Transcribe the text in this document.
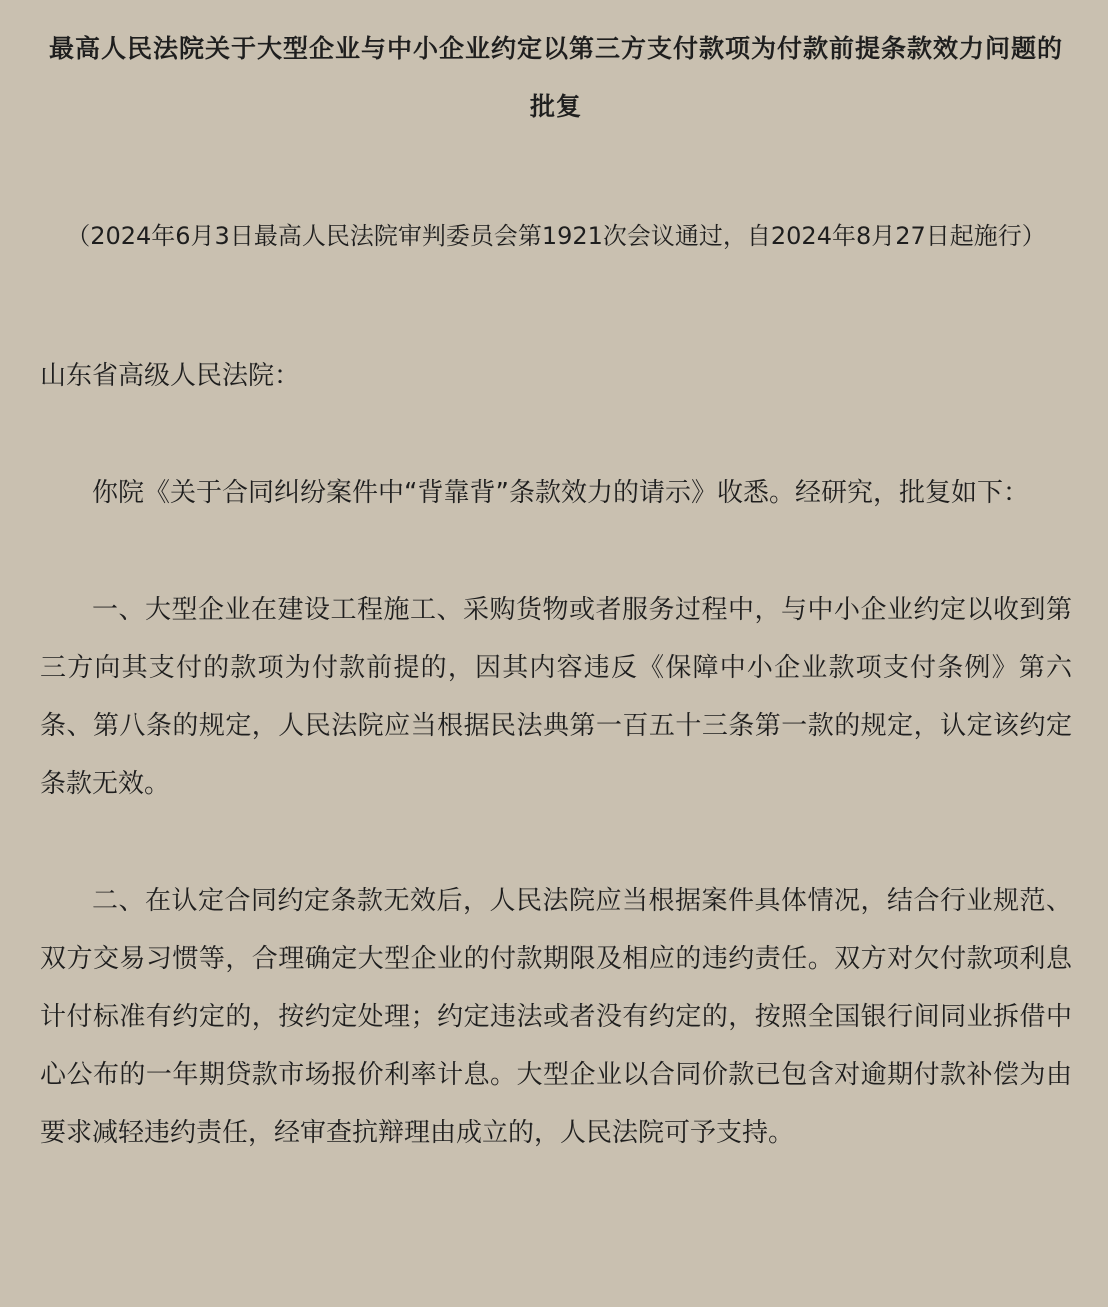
最高人民法院关于大型企业与中小企业约定以第三方支付款项为付款前提条款效力问题的批复

（2024年6月3日最高人民法院审判委员会第1921次会议通过，自2024年8月27日起施行）

山东省高级人民法院：

你院《关于合同纠纷案件中“背靠背”条款效力的请示》收悉。经研究，批复如下：

一、大型企业在建设工程施工、采购货物或者服务过程中，与中小企业约定以收到第三方向其支付的款项为付款前提的，因其内容违反《保障中小企业款项支付条例》第六条、第八条的规定，人民法院应当根据民法典第一百五十三条第一款的规定，认定该约定条款无效。

二、在认定合同约定条款无效后，人民法院应当根据案件具体情况，结合行业规范、双方交易习惯等，合理确定大型企业的付款期限及相应的违约责任。双方对欠付款项利息计付标准有约定的，按约定处理；约定违法或者没有约定的，按照全国银行间同业拆借中心公布的一年期贷款市场报价利率计息。大型企业以合同价款已包含对逾期付款补偿为由要求减轻违约责任，经审查抗辩理由成立的，人民法院可予支持。
